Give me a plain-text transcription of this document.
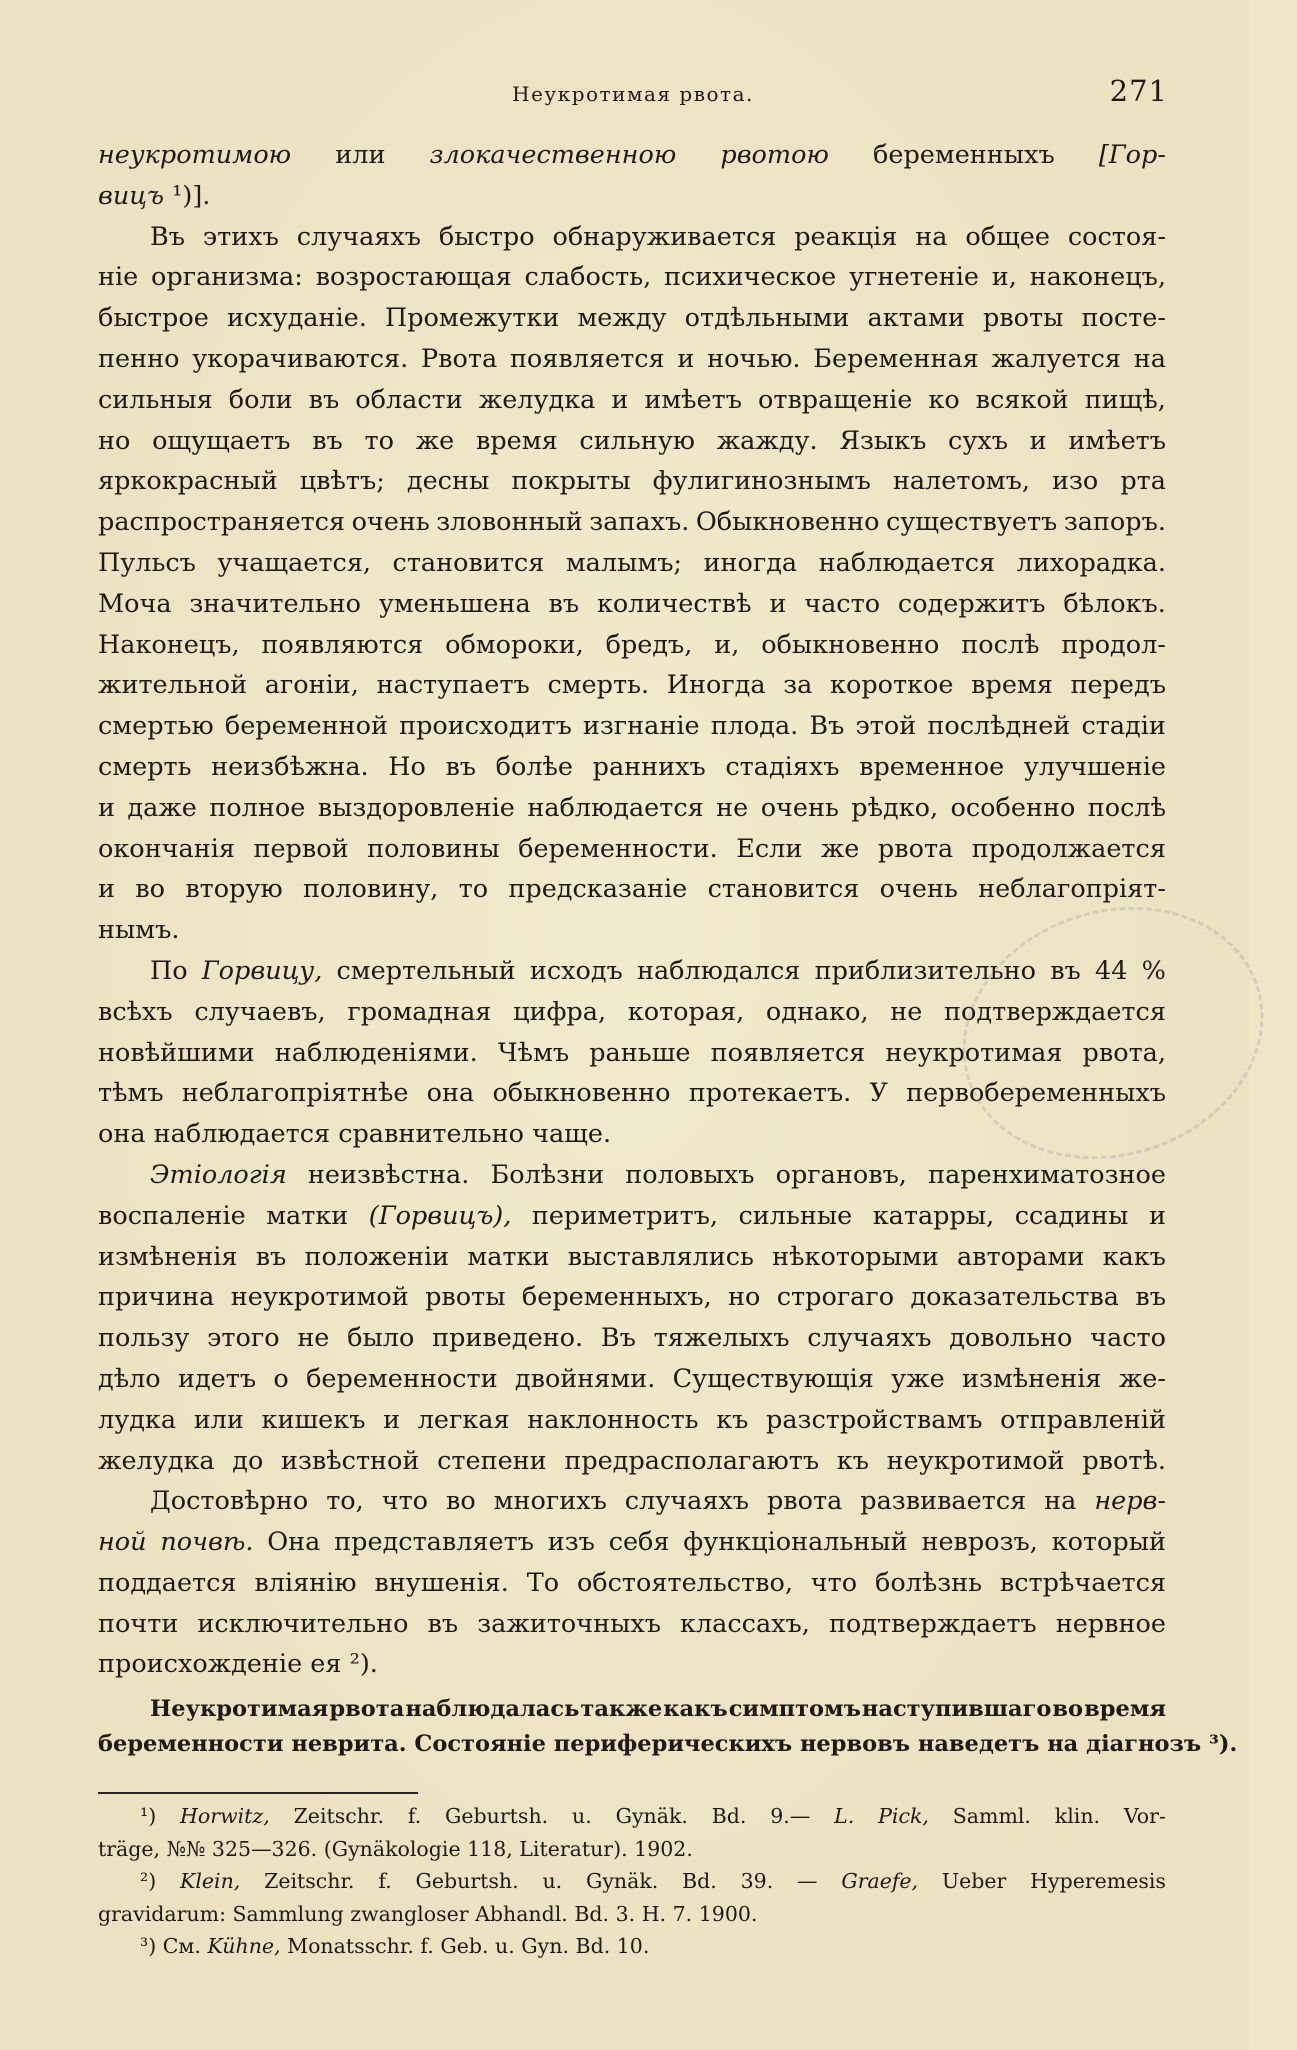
Неукротимая рвота.	271
неукротимою или злокачественною рвотою беременныхъ [Гор-
вицъ
¹)].
Въ этихъ случаяхъ быстро обнаруживается реакція на общее состоя-
ніе организма: возростающая слабость, психическое угнетеніе и, наконецъ,
быстрое исхуданіе. Промежутки между отдѣльными актами рвоты посте-
пенно укорачиваются. Рвота появляется и ночью. Беременная жалуется на
сильныя боли въ области желудка и имѣетъ отвращеніе ко всякой пищѣ,
но ощущаетъ въ то же время сильную жажду. Языкъ сухъ и имѣетъ
яркокрасный цвѣтъ; десны покрыты фулигинознымъ налетомъ, изо рта
распространяется очень зловонный запахъ. Обыкновенно существуетъ запоръ.
Пульсъ учащается, становится малымъ; иногда наблюдается лихорадка.
Моча значительно уменьшена въ количествѣ и часто содержитъ бѣлокъ.
Наконецъ, появляются обмороки, бредъ, и, обыкновенно послѣ продол-
жительной агоніи, наступаетъ смерть. Иногда за короткое время передъ
смертью беременной происходитъ изгнаніе плода. Въ этой послѣдней стадіи
смерть неизбѣжна. Но въ болѣе раннихъ стадіяхъ временное улучшеніе
и даже полное выздоровленіе наблюдается не очень рѣдко, особенно послѣ
окончанія первой половины беременности. Если же рвота продолжается
и во вторую половину, то предсказаніе становится очень неблагопріят-
нымъ.
По Горвицу, смертельный исходъ наблюдался приблизительно въ 44 %
всѣхъ случаевъ, громадная цифра, которая, однако, не подтверждается
новѣйшими наблюденіями. Чѣмъ раньше появляется неукротимая рвота,
тѣмъ неблагопріятнѣе она обыкновенно протекаетъ. У первобеременныхъ
она
наблюдается
сравнительно
чаще.
Этіологія неизвѣстна. Болѣзни половыхъ органовъ, паренхиматозное
воспаленіе матки (Горвицъ), периметритъ, сильные катарры, ссадины и
измѣненія въ положеніи матки выставлялись нѣкоторыми авторами какъ
причина неукротимой рвоты беременныхъ, но строгаго доказательства въ
пользу этого не было приведено. Въ тяжелыхъ случаяхъ довольно часто
дѣло идетъ о беременности двойнями. Существующія уже измѣненія же-
лудка или кишекъ и легкая наклонность къ разстройствамъ отправленій
желудка до извѣстной степени предрасполагаютъ къ неукротимой рвотѣ.
Достовѣрно то, что во многихъ случаяхъ рвота развивается на нерв-
ной почвѣ. Она представляетъ изъ себя функціональный неврозъ, который
поддается вліянію внушенія. То обстоятельство, что болѣзнь встрѣчается
почти исключительно въ зажиточныхъ классахъ, подтверждаетъ нервное
происхожденіе
ея
²).
Неукротимая рвота наблюдалась также какъ симптомъ наступившаго во время
беременности
неврита.
Состояніе
периферическихъ
нервовъ
наведетъ
на
діагнозъ
³).
¹) Horwitz, Zeitschr. f. Geburtsh. u. Gynäk. Bd. 9.— L. Pick, Samml. klin. Vor-
träge,
№№
325—326.
(Gynäkologie
118,
Literatur).
1902.
²) Klein, Zeitschr. f. Geburtsh. u. Gynäk. Bd. 39. — Graefe, Ueber Hyperemesis
gravidarum:
Sammlung
zwangloser
Abhandl.
Bd.
3.
H.
7.
1900.
³)
См.
Kühne,
Monatsschr.
f.
Geb.
u.
Gyn.
Bd.
10.
